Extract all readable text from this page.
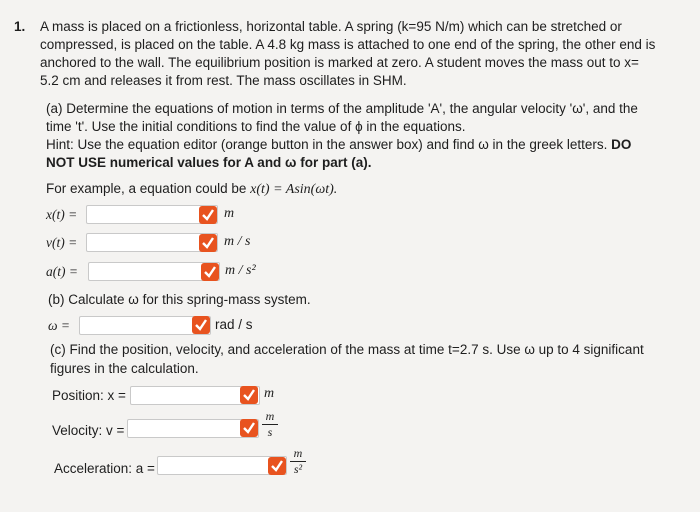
1. A mass is placed on a frictionless, horizontal table. A spring (k=95 N/m) which can be stretched or
compressed, is placed on the table. A 4.8 kg mass is attached to one end of the spring, the other end is
anchored to the wall. The equilibrium position is marked at zero. A student moves the mass out to x=
5.2 cm and releases it from rest. The mass oscillates in SHM.
(a) Determine the equations of motion in terms of the amplitude 'A', the angular velocity 'ω', and the
time 't'. Use the initial conditions to find the value of ϕ in the equations.
Hint: Use the equation editor (orange button in the answer box) and find ω in the greek letters. DO
NOT USE numerical values for A and ω for part (a).
For example, a equation could be x(t) = Asin(ωt).
x(t) =	m
v(t) =	m / s
a(t) =	m / s²
(b) Calculate ω for this spring-mass system.
ω =	rad / s
(c) Find the position, velocity, and acceleration of the mass at time t=2.7 s. Use ω up to 4 significant
figures in the calculation.
Position: x =	m
Velocity: v =
m
s
Acceleration: a =
m
s²
